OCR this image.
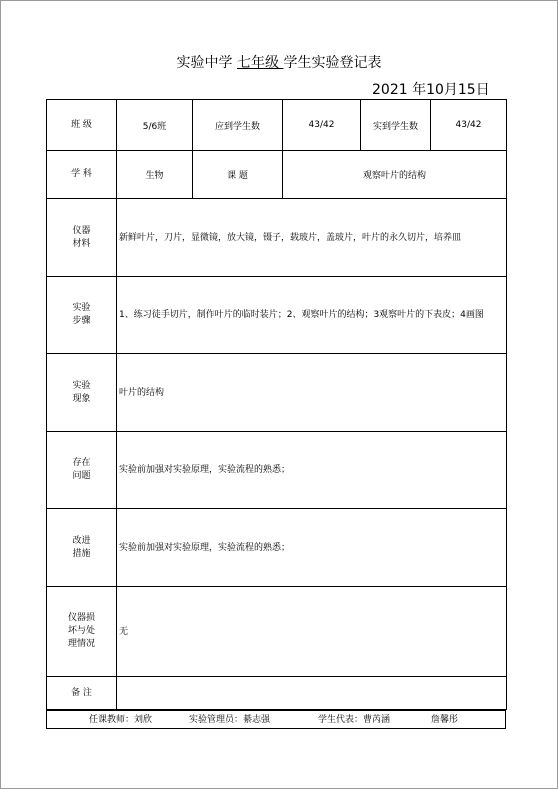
实验中学 七年级 学生实验登记表
2021 年10月15日
班 级	5/6班	应到学生数	43/42	实到学生数	43/42
学 科	生物	课 题	观察叶片的结构		
仪器
材料	新鲜叶片，刀片，显微镜，放大镜，镊子，载玻片，盖玻片，叶片的永久切片，培养皿				
实验
步骤	1、练习徒手切片，制作叶片的临时装片；2、观察叶片的结构；3观察叶片的下表皮；4画图				
实验
现象	叶片的结构				
存在
问题	实验前加强对实验原理，实验流程的熟悉；				
改进
措施	实验前加强对实验原理，实验流程的熟悉；				
仪器损
坏与处
理情况	无				
备 注					
任课教师：刘欣	实验管理员：綦志强	学生代表：曹芮涵	詹馨彤
